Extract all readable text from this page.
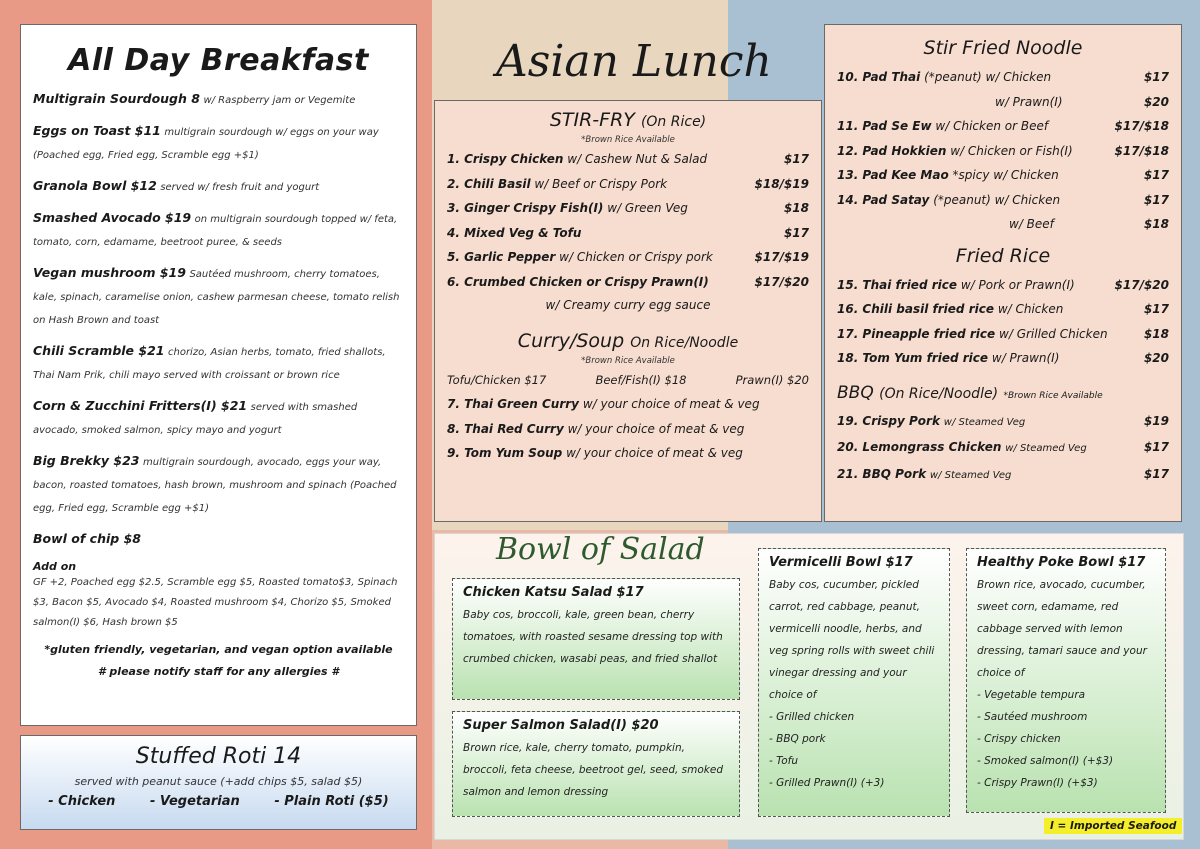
All Day Breakfast
Multigrain Sourdough 8 w/ Raspberry jam or Vegemite
Eggs on Toast $11 multigrain sourdough w/ eggs on your way (Poached egg, Fried egg, Scramble egg +$1)
Granola Bowl $12 served w/ fresh fruit and yogurt
Smashed Avocado $19 on multigrain sourdough topped w/ feta, tomato, corn, edamame, beetroot puree, & seeds
Vegan mushroom $19 Sautéed mushroom, cherry tomatoes, kale, spinach, caramelise onion, cashew parmesan cheese, tomato relish on Hash Brown and toast
Chili Scramble $21 chorizo, Asian herbs, tomato, fried shallots, Thai Nam Prik, chili mayo served with croissant or brown rice
Corn & Zucchini Fritters(I) $21 served with smashed avocado, smoked salmon, spicy mayo and yogurt
Big Brekky $23 multigrain sourdough, avocado, eggs your way, bacon, roasted tomatoes, hash brown, mushroom and spinach (Poached egg, Fried egg, Scramble egg +$1)
Bowl of chip $8
Add on
GF +2, Poached egg $2.5, Scramble egg $5, Roasted tomato$3, Spinach $3, Bacon $5, Avocado $4, Roasted mushroom $4, Chorizo $5, Smoked salmon(I) $6, Hash brown $5
*gluten friendly, vegetarian, and vegan option available
# please notify staff for any allergies #
Stuffed Roti 14
served with peanut sauce (+add chips $5, salad $5)
- Chicken	- Vegetarian	- Plain Roti ($5)
Asian Lunch
STIR-FRY (On Rice)
*Brown Rice Available
1. Crispy Chicken w/ Cashew Nut & Salad	$17
2. Chili Basil w/ Beef or Crispy Pork	$18/$19
3. Ginger Crispy Fish(I) w/ Green Veg	$18
4. Mixed Veg & Tofu	$17
5. Garlic Pepper w/ Chicken or Crispy pork	$17/$19
6. Crumbed Chicken or Crispy Prawn(I)	$17/$20
w/ Creamy curry egg sauce
Curry/Soup On Rice/Noodle
*Brown Rice Available
Tofu/Chicken $17	Beef/Fish(I) $18	Prawn(I) $20
7. Thai Green Curry w/ your choice of meat & veg
8. Thai Red Curry w/ your choice of meat & veg
9. Tom Yum Soup w/ your choice of meat & veg
Stir Fried Noodle
10. Pad Thai (*peanut) w/ Chicken	$17
w/ Prawn(I)	$20
11. Pad Se Ew w/ Chicken or Beef	$17/$18
12. Pad Hokkien w/ Chicken or Fish(I)	$17/$18
13. Pad Kee Mao *spicy w/ Chicken	$17
14. Pad Satay (*peanut) w/ Chicken	$17
w/ Beef	$18
Fried Rice
15. Thai fried rice w/ Pork or Prawn(I)	$17/$20
16. Chili basil fried rice w/ Chicken	$17
17. Pineapple fried rice w/ Grilled Chicken	$18
18. Tom Yum fried rice w/ Prawn(I)	$20
BBQ (On Rice/Noodle) *Brown Rice Available
19. Crispy Pork w/ Steamed Veg	$19
20. Lemongrass Chicken w/ Steamed Veg	$17
21. BBQ Pork w/ Steamed Veg	$17
Bowl of Salad
Chicken Katsu Salad $17
Baby cos, broccoli, kale, green bean, cherry tomatoes, with roasted sesame dressing top with crumbed chicken, wasabi peas, and fried shallot
Super Salmon Salad(I) $20
Brown rice, kale, cherry tomato, pumpkin, broccoli, feta cheese, beetroot gel, seed, smoked salmon and lemon dressing
Vermicelli Bowl $17
Baby cos, cucumber, pickled carrot, red cabbage, peanut, vermicelli noodle, herbs, and veg spring rolls with sweet chili vinegar dressing and your choice of
- Grilled chicken
- BBQ pork
- Tofu
- Grilled Prawn(I) (+3)
Healthy Poke Bowl $17
Brown rice, avocado, cucumber, sweet corn, edamame, red cabbage served with lemon dressing, tamari sauce and your choice of
- Vegetable tempura
- Sautéed mushroom
- Crispy chicken
- Smoked salmon(I) (+$3)
- Crispy Prawn(I) (+$3)
I = Imported Seafood
